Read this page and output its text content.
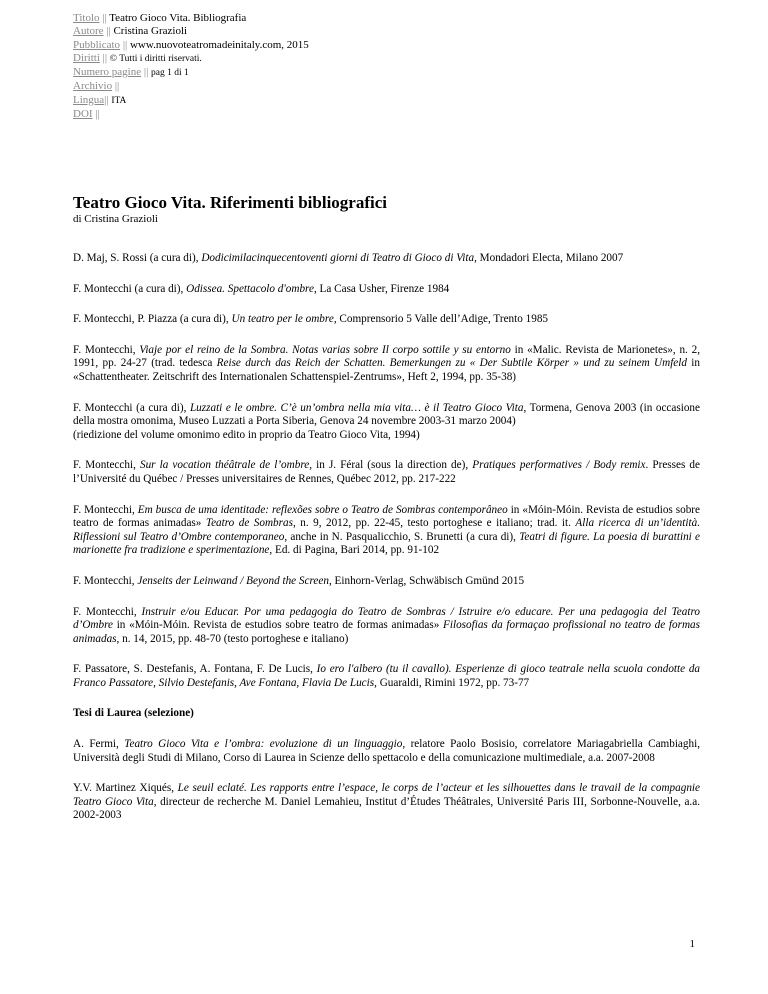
Titolo || Teatro Gioco Vita. Bibliografia
Autore || Cristina Grazioli
Pubblicato || www.nuovoteatromadeinitaly.com, 2015
Diritti || © Tutti i diritti riservati.
Numero pagine || pag 1 di 1
Archivio ||
Lingua|| ITA
DOI ||
Teatro Gioco Vita. Riferimenti bibliografici

di Cristina Grazioli

D. Maj, S. Rossi (a cura di), Dodicimilacinquecentoventi giorni di Teatro di Gioco di Vita, Mondadori Electa, Milano 2007

F. Montecchi (a cura di), Odissea. Spettacolo d'ombre, La Casa Usher, Firenze 1984

F. Montecchi, P. Piazza (a cura di), Un teatro per le ombre, Comprensorio 5 Valle dell’Adige, Trento 1985

F. Montecchi, Viaje por el reino de la Sombra. Notas varias sobre Il corpo sottile y su entorno in «Malic. Revista de Marionetes», n. 2, 1991, pp. 24-27 (trad. tedesca Reise durch das Reich der Schatten. Bemerkungen zu « Der Subtile Körper » und zu seinem Umfeld in «Schattentheater. Zeitschrift des Internationalen Schattenspiel-Zentrums», Heft 2, 1994, pp. 35-38)

F. Montecchi (a cura di), Luzzati e le ombre. C’è un’ombra nella mia vita… è il Teatro Gioco Vita, Tormena, Genova 2003 (in occasione della mostra omonima, Museo Luzzati a Porta Siberia, Genova 24 novembre 2003-31 marzo 2004)
(riedizione del volume omonimo edito in proprio da Teatro Gioco Vita, 1994)

F. Montecchi, Sur la vocation théâtrale de l’ombre, in J. Féral (sous la direction de), Pratiques performatives / Body remix. Presses de l’Université du Québec / Presses universitaires de Rennes, Québec 2012, pp. 217-222

F. Montecchi, Em busca de uma identitade: reflexões sobre o Teatro de Sombras contemporâneo in «Móin-Móin. Revista de estudios sobre teatro de formas animadas» Teatro de Sombras, n. 9, 2012, pp. 22-45, testo portoghese e italiano; trad. it. Alla ricerca di un’identità. Riflessioni sul Teatro d’Ombre contemporaneo, anche in N. Pasqualicchio, S. Brunetti (a cura di), Teatri di figure. La poesia di burattini e marionette fra tradizione e sperimentazione, Ed. di Pagina, Bari 2014, pp. 91-102

F. Montecchi, Jenseits der Leinwand / Beyond the Screen, Einhorn-Verlag, Schwäbisch Gmünd 2015

F. Montecchi, Instruir e/ou Educar. Por uma pedagogia do Teatro de Sombras / Istruire e/o educare. Per una pedagogia del Teatro d’Ombre in «Móin-Móin. Revista de estudios sobre teatro de formas animadas» Filosofias da formaçao profissional no teatro de formas animadas, n. 14, 2015, pp. 48-70 (testo portoghese e italiano)

F. Passatore, S. Destefanis, A. Fontana, F. De Lucis, Io ero l'albero (tu il cavallo). Esperienze di gioco teatrale nella scuola condotte da Franco Passatore, Silvio Destefanis, Ave Fontana, Flavia De Lucis, Guaraldi, Rimini 1972, pp. 73-77

Tesi di Laurea (selezione)

A. Fermi, Teatro Gioco Vita e l’ombra: evoluzione di un linguaggio, relatore Paolo Bosisio, correlatore Mariagabriella Cambiaghi, Università degli Studi di Milano, Corso di Laurea in Scienze dello spettacolo e della comunicazione multimediale, a.a. 2007-2008

Y.V. Martinez Xiqués, Le seuil eclaté. Les rapports entre l’espace, le corps de l’acteur et les silhouettes dans le travail de la compagnie Teatro Gioco Vita, directeur de recherche M. Daniel Lemahieu, Institut d’Études Théâtrales, Université Paris III, Sorbonne-Nouvelle, a.a. 2002-2003

1
